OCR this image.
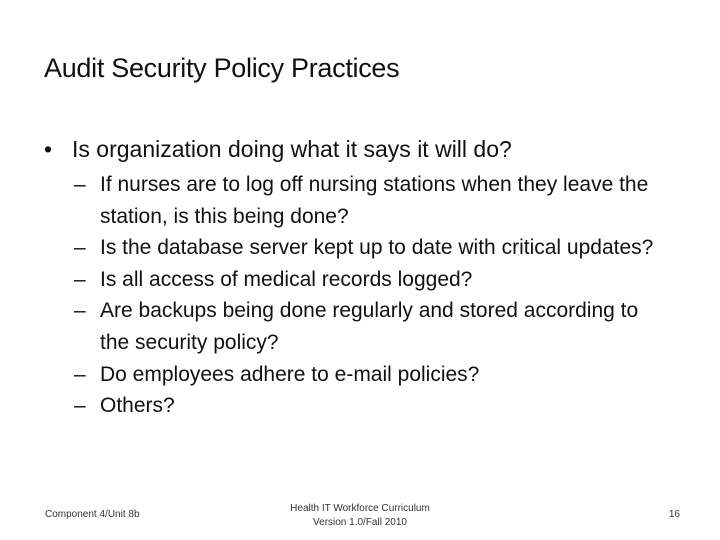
Audit Security Policy Practices
• Is organization doing what it says it will do?
– If nurses are to log off nursing stations when they leave the station, is this being done?
– Is the database server kept up to date with critical updates?
– Is all access of medical records logged?
– Are backups being done regularly and stored according to the security policy?
– Do employees adhere to e-mail policies?
– Others?
Component 4/Unit 8b
Health IT Workforce Curriculum
Version 1.0/Fall 2010
16
